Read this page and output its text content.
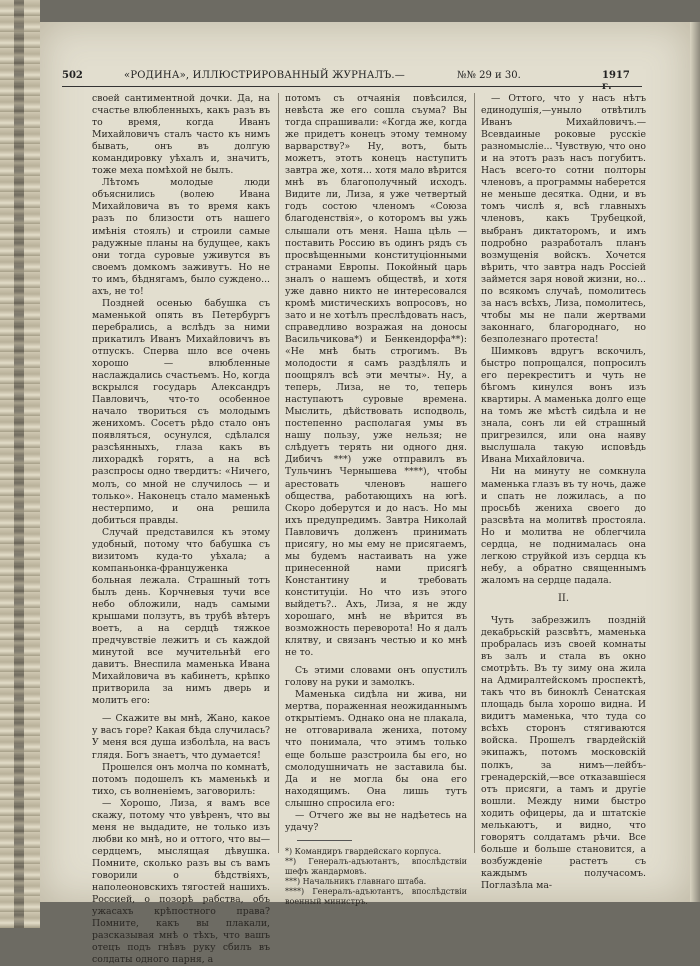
502	«РОДИНА», ИЛЛЮСТРИРОВАННЫЙ ЖУРНАЛЪ.—	№№ 29 и 30.	1917 г.

своей сантиментной дочки. Да, на счастье влюбленныхъ, какъ разъ въ то время, когда Иванъ Михайловичъ сталъ часто къ нимъ бывать, онъ въ долгую командировку уѣхалъ и, значитъ, тоже меха помѣхой не былъ.

Лѣтомъ молодые люди объяснились (волею Ивана Михайловича въ то время какъ разъ по близости отъ нашего имѣнія стоялъ) и строили самые радужные планы на будущее, какъ они тогда суровые уживутся въ своемъ домкомъ заживутъ. Но не то имъ, бѣднягамъ, было суждено... ахъ, не то!

Поздней осенью бабушка съ маменькой опять въ Петербургъ перебрались, а вслѣдъ за ними прикатилъ Иванъ Михайловичъ въ отпускъ. Сперва шло все очень хорошо — влюбленные наслаждались счастьемъ. Но, когда вскрылся государь Александръ Павловичъ, что-то особенное начало твориться съ молодымъ женихомъ. Сосетъ рѣдо стало онъ появляться, осунулся, сдѣлался разсѣянныхъ, глаза какъ въ лихорадкѣ горятъ, а на всѣ разспросы одно твердитъ: «Ничего, молъ, со мной не случилось — и только». Наконецъ стало маменькѣ нестерпимо, и она решила добиться правды.

Случай представился къ этому удобный, потому что бабушка съ визитомъ куда-то уѣхала; а компаньонка-француженка больная лежала. Страшный тотъ былъ день. Корчневыя тучи все небо обложили, надъ самыми крышами ползутъ, въ трубѣ вѣтеръ воетъ, а на сердцѣ тяжкое предчувствіе лежитъ и съ каждой минутой все мучительнѣй его давитъ. Внеспила маменька Ивана Михайловича въ кабинетъ, крѣпко притворила за нимъ дверь и молитъ его:

— Скажите вы мнѣ, Жано, какое у васъ горе? Какая бѣда случилась? У меня вся душа изболѣла, на васъ глядя. Богъ знаетъ, что думается!

Прошелся онъ молча по комнатѣ, потомъ подошелъ къ маменькѣ и тихо, съ волненіемъ, заговорилъ:

— Хорошо, Лиза, я вамъ все скажу, потому что увѣренъ, что вы меня не выдадите, не только изъ любви ко мнѣ, но и оттого, что вы—сердцемъ, мыслящая дѣвушка. Помните, сколько разъ вы съ вамъ говорили о бѣдствіяхъ, наполеоновскихъ тягостей нашихъ. Россией, о позорѣ рабства, объ ужасахъ крѣпостного права? Помните, какъ вы плакали, разсказывая мнѣ о тѣхъ, что вашъ отецъ подъ гнѣвъ руку сбилъ въ солдаты одного парня, а

потомъ съ отчаянія повѣсился, невѣста же его сошла съума? Вы тогда спрашивали: «Когда же, когда же придетъ конецъ этому темному варварству?» Ну, вотъ, быть можетъ, этотъ конецъ наступитъ завтра же, хотя... хотя мало вѣрится мнѣ въ благополучный исходъ. Видите ли, Лиза, я уже четвертый годъ состою членомъ «Союза благоденствія», о которомъ вы ужь слышали отъ меня. Наша цѣль — поставить Россию въ одинъ рядъ съ просвѣщенными конституціонными странами Европы. Покойный царь зналъ о нашемъ обществѣ, и хотя уже давно никто не интересовался кромѣ мистическихъ вопросовъ, но зато и не хотѣлъ преслѣдовать насъ, справедливо возражая на доносы Васильчикова*) и Бенкендорфа**): «Не мнѣ быть строгимъ. Въ молодости я самъ раздѣлялъ и поощрялъ всѣ эти мечты». Ну, а теперь, Лиза, не то, теперь наступаютъ суровые времена. Мыслить, дѣйствовать исподволь, постепенно располагая умы въ нашу пользу, уже нельзя; не слѣдуетъ терять ни одного дня. Дибичъ ***) уже отправилъ въ Тульчинъ Чернышева ****), чтобы арестовать членовъ нашего общества, работающихъ на югѣ. Скоро доберутся и до насъ. Но мы ихъ предупредимъ. Завтра Николай Павловичъ долженъ принимать присягу, но мы ему не присягаемъ, мы будемъ настаивать на уже принесенной нами присягѣ Константину и требовать конституціи. Но что изъ этого выйдетъ?.. Ахъ, Лиза, я не жду хорошаго, мнѣ не вѣрится въ возможность переворота! Но я далъ клятву, и связанъ честью и ко мнѣ не то.

Съ этими словами онъ опустилъ голову на руки и замолкъ.

Маменька сидѣла ни жива, ни мертва, пораженная неожиданнымъ открытіемъ. Однако она не плакала, не отговаривала жениха, потому что понимала, что этимъ только еще больше разстроила бы его, но смолодушничать не заставила бы. Да и не могла бы она его находящимъ. Она лишь тутъ слышно спросила его:

— Отчего же вы не надѣетесь на удачу?

*) Командиръ гвардейскаго корпуса.

**) Генералъ-адъютантъ, впослѣдствіи шефъ жандармовъ.

***) Начальникъ главнаго штаба.

****) Генералъ-адъютантъ, впослѣдствіи военный министръ.

— Оттого, что у насъ нѣтъ единодушія,—уныло отвѣтилъ Иванъ Михайловичъ.—Всевдаиные роковые русскіе разномысліе... Чувствую, что оно и на этотъ разъ насъ погубитъ. Насъ всего-то сотни полторы членовъ, а программы наберется не меньше десятка. Одни, и въ томъ числѣ я, всѣ главныхъ членовъ, какъ Трубецкой, выбранъ диктаторомъ, и имъ подробно разработалъ планъ возмущенія войскъ. Хочется вѣрить, что завтра надъ Россіей займется заря новой жизни, но... по всякомъ случаѣ, помолитесь за насъ всѣхъ, Лиза, помолитесь, чтобы мы не пали жертвами законнаго, благороднаго, но безполезнаго протеста!

Шимковъ вдругъ вскочилъ, быстро попрощался, попросилъ его перекреститъ и чуть не бѣгомъ кинулся вонъ изъ квартиры. А маменька долго еще на томъ же мѣстѣ сидѣла и не знала, сонъ ли ей страшный пригрезился, или она наяву выслушала такую исповѣдь Ивана Михайловича.

Ни на минуту не сомкнула маменька глазъ въ ту ночь, даже и спать не ложилась, а по просьбѣ жениха своего до разсвѣта на молитвѣ простояла. Но и молитва не облегчила сердца, не поднималась она легкою струйкой изъ сердца къ небу, а обратно священнымъ жаломъ на сердце падала.

II.

Чуть забрезжилъ поздній декабрьскій разсвѣтъ, маменька пробралась изъ своей комнаты въ залъ и стала въ окно смотрѣть. Въ ту зиму она жила на Адмиралтейскомъ проспектѣ, такъ что въ биноклѣ Сенатская площадь была хорошо видна. И видитъ маменька, что туда со всѣхъ сторонъ стягиваются войска. Прошелъ гвардейскій экипажъ, потомъ московскій полкъ, за нимъ—лейбъ-гренадерскій,—все отказавшіеся отъ присяги, а тамъ и другіе вошли. Между ними быстро ходить офицеры, да и штатскіе мелькаютъ, и видно, что говорятъ солдатамъ рѣчи. Все больше и больше становится, а возбужденіе растетъ съ каждымъ получасомъ. Поглазѣла ма-
